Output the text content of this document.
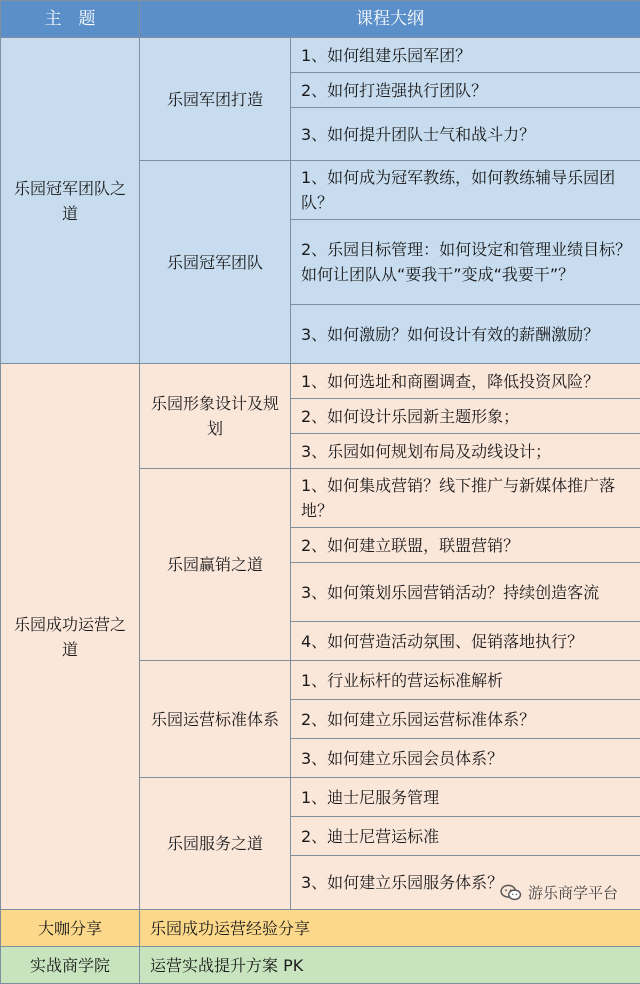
主　题	课程大纲	
乐园冠军团队之道	乐园军团打造	1、如何组建乐园军团？
		2、如何打造强执行团队？
		3、如何提升团队士气和战斗力？
	乐园冠军团队	1、如何成为冠军教练，如何教练辅导乐园团队？
		2、乐园目标管理：如何设定和管理业绩目标？如何让团队从“要我干”变成“我要干”？
		3、如何激励？如何设计有效的薪酬激励？
乐园成功运营之道	乐园形象设计及规划	1、如何选址和商圈调查，降低投资风险？
		2、如何设计乐园新主题形象；
		3、乐园如何规划布局及动线设计；
	乐园赢销之道	1、如何集成营销？线下推广与新媒体推广落地？
		2、如何建立联盟，联盟营销？
		3、如何策划乐园营销活动？持续创造客流
		4、如何营造活动氛围、促销落地执行？
	乐园运营标准体系	1、行业标杆的营运标准解析
		2、如何建立乐园运营标准体系？
		3、如何建立乐园会员体系？
	乐园服务之道	1、迪士尼服务管理
		2、迪士尼营运标准
		3、如何建立乐园服务体系？
大咖分享	乐园成功运营经验分享	
实战商学院	运营实战提升方案 PK	
游乐商学平台
